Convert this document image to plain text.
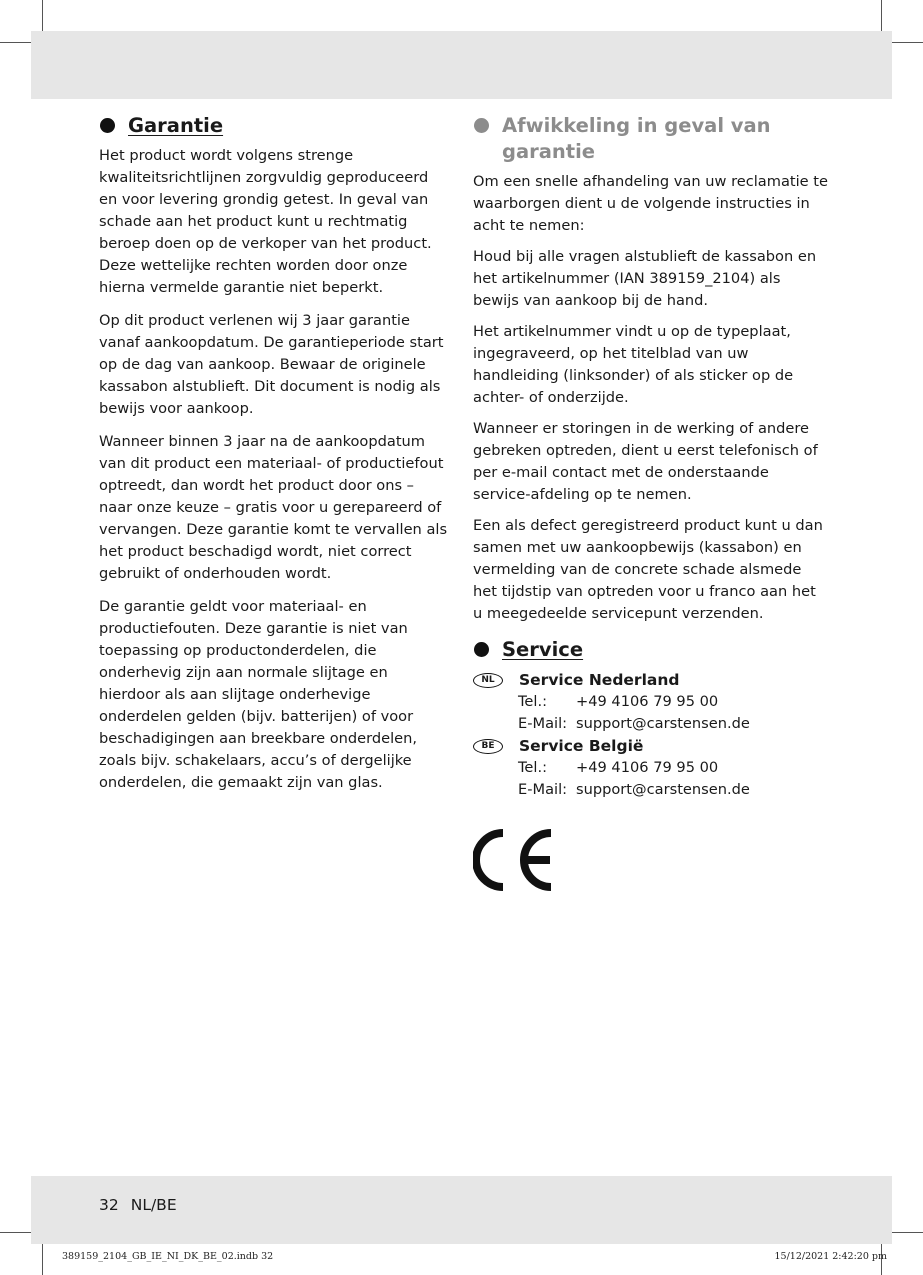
Garantie

Het product wordt volgens strenge kwaliteitsrichtlijnen zorgvuldig geproduceerd en voor levering grondig getest. In geval van schade aan het product kunt u rechtmatig beroep doen op de verkoper van het product. Deze wettelijke rechten worden door onze hierna vermelde garantie niet beperkt.

Op dit product verlenen wij 3 jaar garantie vanaf aankoopdatum. De garantieperiode start op de dag van aankoop. Bewaar de originele kassabon alstublieft. Dit document is nodig als bewijs voor aankoop.

Wanneer binnen 3 jaar na de aankoopdatum van dit product een materiaal- of productiefout optreedt, dan wordt het product door ons – naar onze keuze – gratis voor u gerepareerd of vervangen. Deze garantie komt te vervallen als het product beschadigd wordt, niet correct gebruikt of onderhouden wordt.

De garantie geldt voor materiaal- en productiefouten. Deze garantie is niet van toepassing op productonderdelen, die onderhevig zijn aan normale slijtage en hierdoor als aan slijtage onderhevige onderdelen gelden (bijv. batterijen) of voor beschadigingen aan breekbare onderdelen, zoals bijv. schakelaars, accu’s of dergelijke onderdelen, die gemaakt zijn van glas.

Afwikkeling in geval van garantie

Om een snelle afhandeling van uw reclamatie te waarborgen dient u de volgende instructies in acht te nemen:

Houd bij alle vragen alstublieft de kassabon en het artikelnummer (IAN 389159_2104) als bewijs van aankoop bij de hand.

Het artikelnummer vindt u op de typeplaat, ingegraveerd, op het titelblad van uw handleiding (linksonder) of als sticker op de achter- of onderzijde.

Wanneer er storingen in de werking of andere gebreken optreden, dient u eerst telefonisch of per e-mail contact met de onderstaande service-afdeling op te nemen.

Een als defect geregistreerd product kunt u dan samen met uw aankoopbewijs (kassabon) en vermelding van de concrete schade alsmede het tijdstip van optreden voor u franco aan het u meegedeelde servicepunt verzenden.

Service
NL	Service Nederland
Tel.:	+49 4106 79 95 00
E-Mail: support@carstensen.de
BE	Service België
Tel.:	+49 4106 79 95 00
E-Mail: support@carstensen.de
32 NL/BE
389159_2104_GB_IE_NI_DK_BE_02.indb 32	15/12/2021 2:42:20 pm
